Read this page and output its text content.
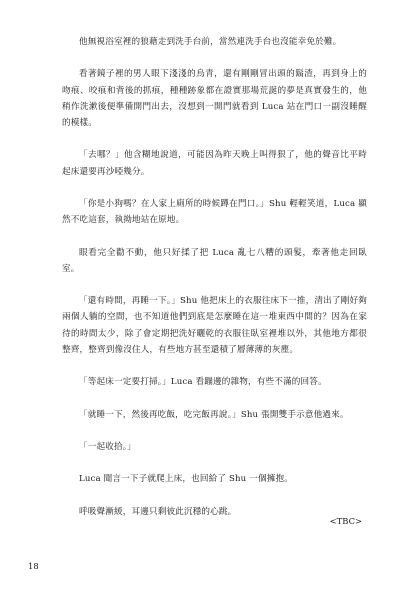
他無視浴室裡的狼藉走到洗手台前，當然連洗手台也沒能幸免於難。

看著鏡子裡的男人眼下淺淺的烏青，還有剛剛冒出頭的鬍渣，再到身上的吻痕、咬痕和背後的抓痕，種種跡象都在證實那場荒誕的夢是真實發生的，他稍作洗漱後便準備開門出去，沒想到一開門就看到 Luca 站在門口一副沒睡醒的模樣。

「去哪？」他含糊地說道，可能因為昨天晚上叫得狠了，他的聲音比平時起床還要再沙啞幾分。

「你是小狗嗎？在人家上廁所的時候蹲在門口。」Shu 輕輕笑道，Luca 顯然不吃這套，執拗地站在原地。

眼看完全勸不動，他只好揉了把 Luca 亂七八糟的頭髮，牽著他走回臥室。

「還有時間，再睡一下。」Shu 他把床上的衣服往床下一推，清出了剛好夠兩個人躺的空間，也不知道他們到底是怎麼睡在這一堆東西中間的？因為在家待的時間太少，除了會定期把洗好曬乾的衣服往臥室裡堆以外，其他地方都很整齊，整齊到像沒住人，有些地方甚至還積了層薄薄的灰塵。

「等起床一定要打掃。」Luca 看蹦邊的雜物，有些不滿的回答。

「就睡一下，然後再吃飯，吃完飯再說。」Shu 張開雙手示意他過來。

「一起收拾。」

Luca 聞言一下子就爬上床，也回給了 Shu 一個擁抱。

呼吸聲漸緩，耳邊只剩彼此沉穩的心跳。

<TBC>
18
